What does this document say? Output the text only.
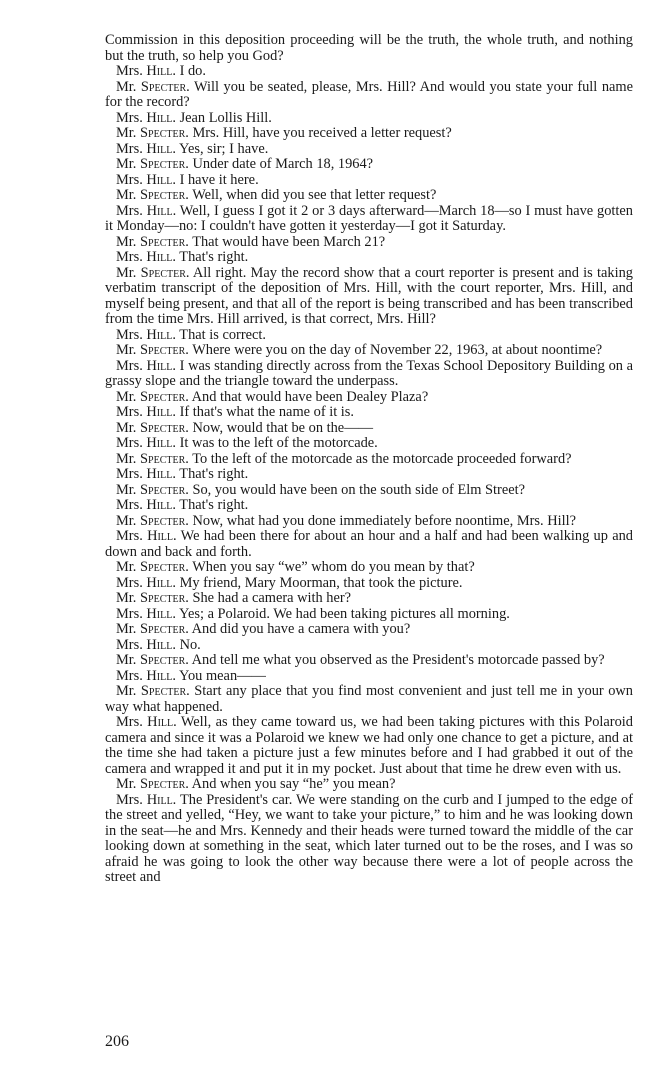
Commission in this deposition proceeding will be the truth, the whole truth, and nothing but the truth, so help you God?

Mrs. Hill. I do.

Mr. Specter. Will you be seated, please, Mrs. Hill? And would you state your full name for the record?

Mrs. Hill. Jean Lollis Hill.

Mr. Specter. Mrs. Hill, have you received a letter request?

Mrs. Hill. Yes, sir; I have.

Mr. Specter. Under date of March 18, 1964?

Mrs. Hill. I have it here.

Mr. Specter. Well, when did you see that letter request?

Mrs. Hill. Well, I guess I got it 2 or 3 days afterward—March 18—so I must have gotten it Monday—no: I couldn't have gotten it yesterday—I got it Saturday.

Mr. Specter. That would have been March 21?

Mrs. Hill. That's right.

Mr. Specter. All right. May the record show that a court reporter is present and is taking verbatim transcript of the deposition of Mrs. Hill, with the court reporter, Mrs. Hill, and myself being present, and that all of the report is being transcribed and has been transcribed from the time Mrs. Hill arrived, is that correct, Mrs. Hill?

Mrs. Hill. That is correct.

Mr. Specter. Where were you on the day of November 22, 1963, at about noontime?

Mrs. Hill. I was standing directly across from the Texas School Depository Building on a grassy slope and the triangle toward the underpass.

Mr. Specter. And that would have been Dealey Plaza?

Mrs. Hill. If that's what the name of it is.

Mr. Specter. Now, would that be on the——

Mrs. Hill. It was to the left of the motorcade.

Mr. Specter. To the left of the motorcade as the motorcade proceeded forward?

Mrs. Hill. That's right.

Mr. Specter. So, you would have been on the south side of Elm Street?

Mrs. Hill. That's right.

Mr. Specter. Now, what had you done immediately before noontime, Mrs. Hill?

Mrs. Hill. We had been there for about an hour and a half and had been walking up and down and back and forth.

Mr. Specter. When you say “we” whom do you mean by that?

Mrs. Hill. My friend, Mary Moorman, that took the picture.

Mr. Specter. She had a camera with her?

Mrs. Hill. Yes; a Polaroid. We had been taking pictures all morning.

Mr. Specter. And did you have a camera with you?

Mrs. Hill. No.

Mr. Specter. And tell me what you observed as the President's motorcade passed by?

Mrs. Hill. You mean——

Mr. Specter. Start any place that you find most convenient and just tell me in your own way what happened.

Mrs. Hill. Well, as they came toward us, we had been taking pictures with this Polaroid camera and since it was a Polaroid we knew we had only one chance to get a picture, and at the time she had taken a picture just a few minutes before and I had grabbed it out of the camera and wrapped it and put it in my pocket. Just about that time he drew even with us.

Mr. Specter. And when you say “he” you mean?

Mrs. Hill. The President's car. We were standing on the curb and I jumped to the edge of the street and yelled, “Hey, we want to take your picture,” to him and he was looking down in the seat—he and Mrs. Kennedy and their heads were turned toward the middle of the car looking down at something in the seat, which later turned out to be the roses, and I was so afraid he was going to look the other way because there were a lot of people across the street and

206
